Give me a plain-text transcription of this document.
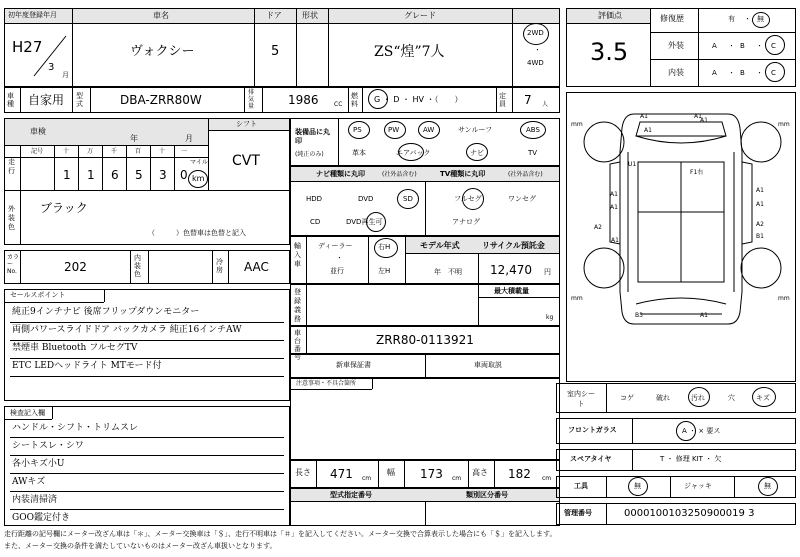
初年度登録年月	車名	ドア	形状	グレード
H27
3
月
ヴォクシー	5	ZS“煌”7人
2WD
・
4WD
車種 自家用 型式	DBA-ZRR80W
排気量	1986	CC
燃料	G ・ D ・ HV ・（　　）	定員 7 人
車検
年	月
シフト
CVT
走行
記号	十	万	千	百	十	一
1 1 6 5 3 0
マイル
km
外装色
ブラック
（　　　）色替車は色替と記入
カラーNo.	202
内装色
冷房 AAC
セールスポイント
純正9インチナビ 後席フリップダウンモニター
両側パワースライドドア バックカメラ 純正16インチAW
禁煙車 Bluetooth フルセグTV
ETC LEDヘッドライト MTモード付
検査記入欄
ハンドル・シフト・トリムスレ
シートスレ・シワ
各小キズ小U
AWキズ
内装清掃済
GOO鑑定付き
装備品に丸印
(純正のみ)
PS	PW	AW	サンルーフ	ABS
革本	エアバック	ナビ	TV
ナビ種類に丸印	(社外品含む)	TV種類に丸印	(社外品含む)
HDD	DVD	SD
CD	DVD再生可
フルセグ	ワンセグ
アナログ
輸入車
ディーラー
・
並行
右H
左H
モデル年式
年　不明
リサイクル預託金
12,470 円
登録義務
最大積載量
kg
車台番号
ZRR80-0113921
新車保証書	車両取説
注意事項・不具合箇所
長さ 471 cm
幅 173 cm
高さ 182 cm
型式指定番号	類別区分番号
評価点
3.5
修復歴	有 ・ 無
外装	A ・ B ・ C
内装	A ・ B ・ C
mm	mm
mm	mm
A1	A1
A1
A1
A1
A2
A1
A2
B1
A1
A1
B3	A1
A1
U1
F1右
室内シート
コゲ	破れ	汚れ	穴	キズ
フロントガラス	A ・ × 要ス
スペアタイヤ	T ・ 修理 KIT ・ 欠
工具	無	ジャッキ	無
管理番号	0000100103250900019 3
走行距離の記号欄にメーター改ざん車は「＊」、メーター交換車は「＄」、走行不明車は「＃」を記入してください。メーター交換で合算表示した場合にも「＄」を記入します。
また、メーター交換の条件を満たしていないものはメーター改ざん車扱いとなります。
